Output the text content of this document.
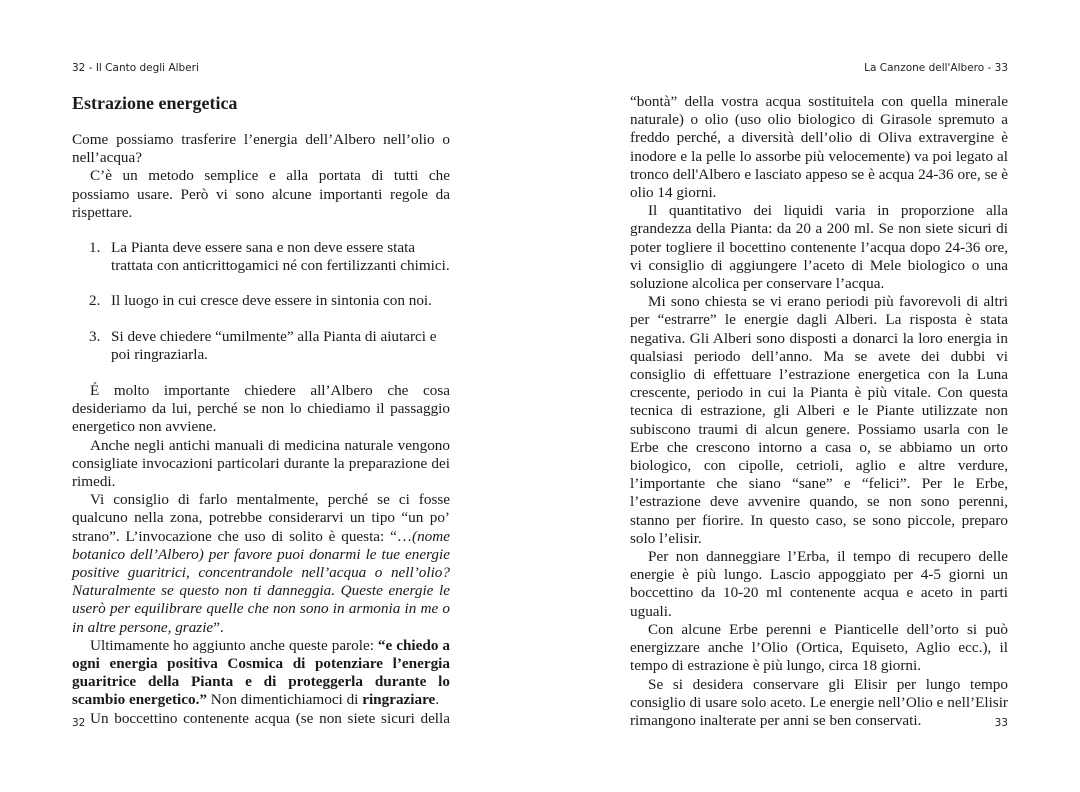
32 - Il Canto degli Alberi
Estrazione energetica

Come possiamo trasferire l’energia dell’Albero nell’olio o nell’acqua?

C’è un metodo semplice e alla portata di tutti che possiamo usare. Però vi sono alcune importanti regole da rispettare.

1. La Pianta deve essere sana e non deve essere stata trattata con anticrittogamici né con fertilizzanti chimici.
2. Il luogo in cui cresce deve essere in sintonia con noi.
3. Si deve chiedere “umilmente” alla Pianta di aiutarci e poi ringraziarla.

É molto importante chiedere all’Albero che cosa desideriamo da lui, perché se non lo chiediamo il passaggio energetico non avviene.

Anche negli antichi manuali di medicina naturale vengono consigliate invocazioni particolari durante la preparazione dei rimedi.

Vi consiglio di farlo mentalmente, perché se ci fosse qualcuno nella zona, potrebbe considerarvi un tipo “un po’ strano”. L’invocazione che uso di solito è questa: “…(nome botanico dell’Albero) per favore puoi donarmi le tue energie positive guaritrici, concentrandole nell’acqua o nell’olio? Naturalmente se questo non ti danneggia. Queste energie le userò per equilibrare quelle che non sono in armonia in me o in altre persone, grazie”.

Ultimamente ho aggiunto anche queste parole: “e chiedo a ogni energia positiva Cosmica di potenziare l’energia guaritrice della Pianta e di proteggerla durante lo scambio energetico.” Non dimentichiamoci di ringraziare.

Un boccettino contenente acqua (se non siete sicuri della

32
La Canzone dell'Albero - 33

“bontà” della vostra acqua sostituitela con quella minerale naturale) o olio (uso olio biologico di Girasole spremuto a freddo perché, a diversità dell’olio di Oliva extravergine è inodore e la pelle lo assorbe più velocemente) va poi legato al tronco dell'Albero e lasciato appeso se è acqua 24-36 ore, se è olio 14 giorni.

Il quantitativo dei liquidi varia in proporzione alla grandezza della Pianta: da 20 a 200 ml. Se non siete sicuri di poter togliere il bocettino contenente l’acqua dopo 24-36 ore, vi consiglio di aggiungere l’aceto di Mele biologico o una soluzione alcolica per conservare l’acqua.

Mi sono chiesta se vi erano periodi più favorevoli di altri per “estrarre” le energie dagli Alberi. La risposta è stata negativa. Gli Alberi sono disposti a donarci la loro energia in qualsiasi periodo dell’anno. Ma se avete dei dubbi vi consiglio di effettuare l’estrazione energetica con la Luna crescente, periodo in cui la Pianta è più vitale. Con questa tecnica di estrazione, gli Alberi e le Piante utilizzate non subiscono traumi di alcun genere. Possiamo usarla con le Erbe che crescono intorno a casa o, se abbiamo un orto biologico, con cipolle, cetrioli, aglio e altre verdure, l’importante che siano “sane” e “felici”. Per le Erbe, l’estrazione deve avvenire quando, se non sono perenni, stanno per fiorire. In questo caso, se sono piccole, preparo solo l’elisir.

Per non danneggiare l’Erba, il tempo di recupero delle energie è più lungo. Lascio appoggiato per 4-5 giorni un boccettino da 10-20 ml contenente acqua e aceto in parti uguali.

Con alcune Erbe perenni e Pianticelle dell’orto si può energizzare anche l’Olio (Ortica, Equiseto, Aglio ecc.), il tempo di estrazione è più lungo, circa 18 giorni.

Se si desidera conservare gli Elisir per lungo tempo consiglio di usare solo aceto. Le energie nell’Olio e nell’Elisir rimangono inalterate per anni se ben conservati.	33
